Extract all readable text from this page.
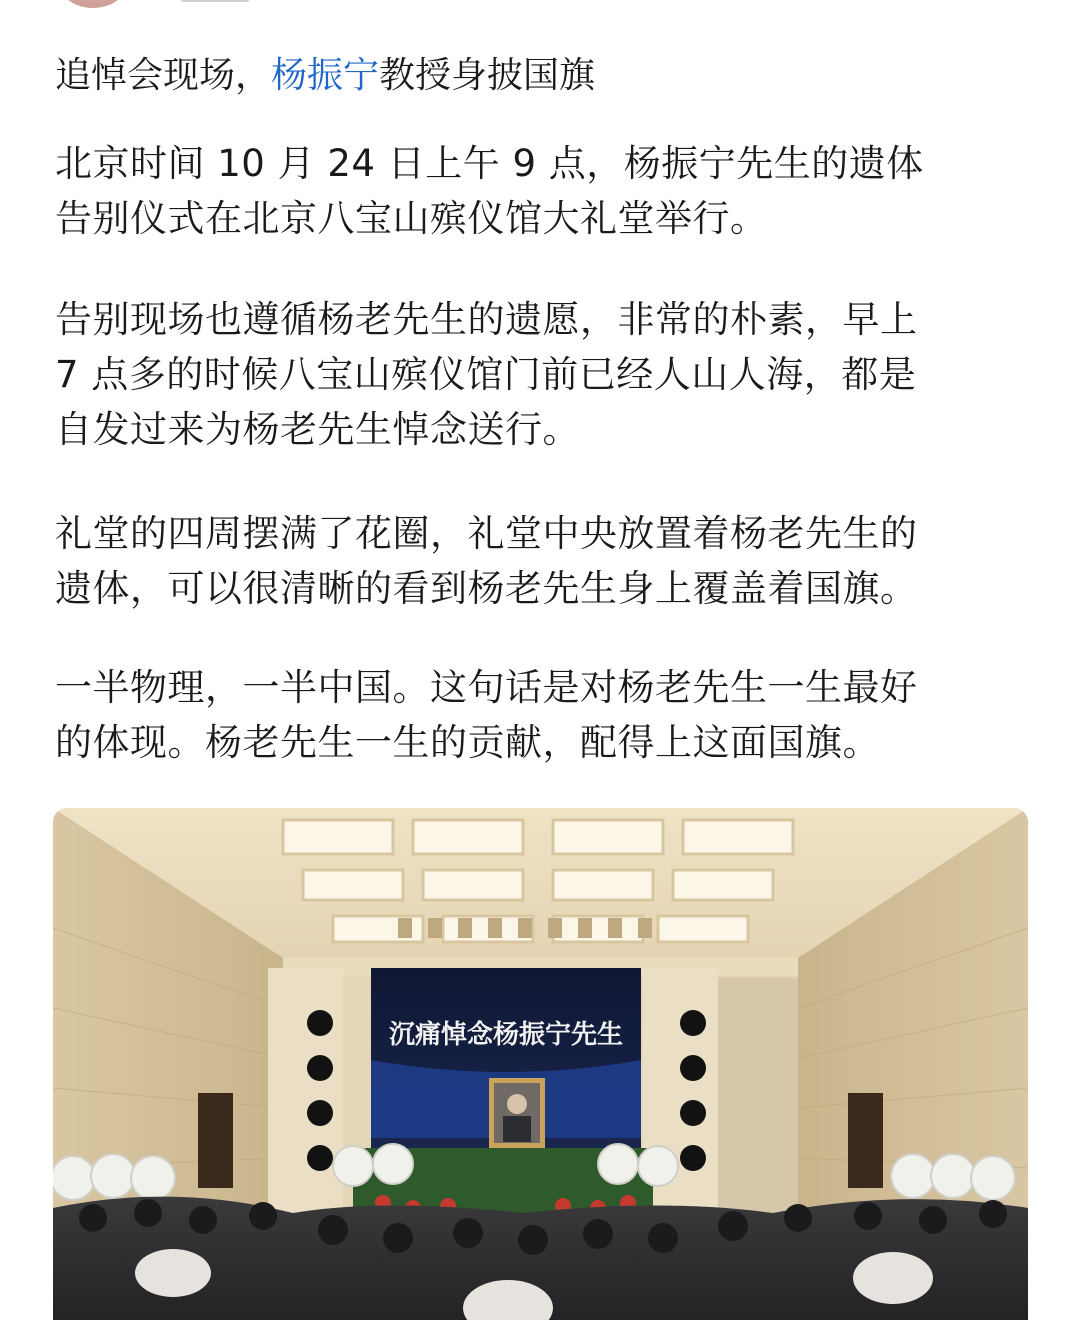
追悼会现场，杨振宁教授身披国旗

北京时间 10 月 24 日上午 9 点，杨振宁先生的遗体
告别仪式在北京八宝山殡仪馆大礼堂举行。

告别现场也遵循杨老先生的遗愿，非常的朴素，早上
7 点多的时候八宝山殡仪馆门前已经人山人海，都是
自发过来为杨老先生悼念送行。

礼堂的四周摆满了花圈，礼堂中央放置着杨老先生的
遗体，可以很清晰的看到杨老先生身上覆盖着国旗。

一半物理，一半中国。这句话是对杨老先生一生最好
的体现。杨老先生一生的贡献，配得上这面国旗。

沉痛悼念杨振宁先生
